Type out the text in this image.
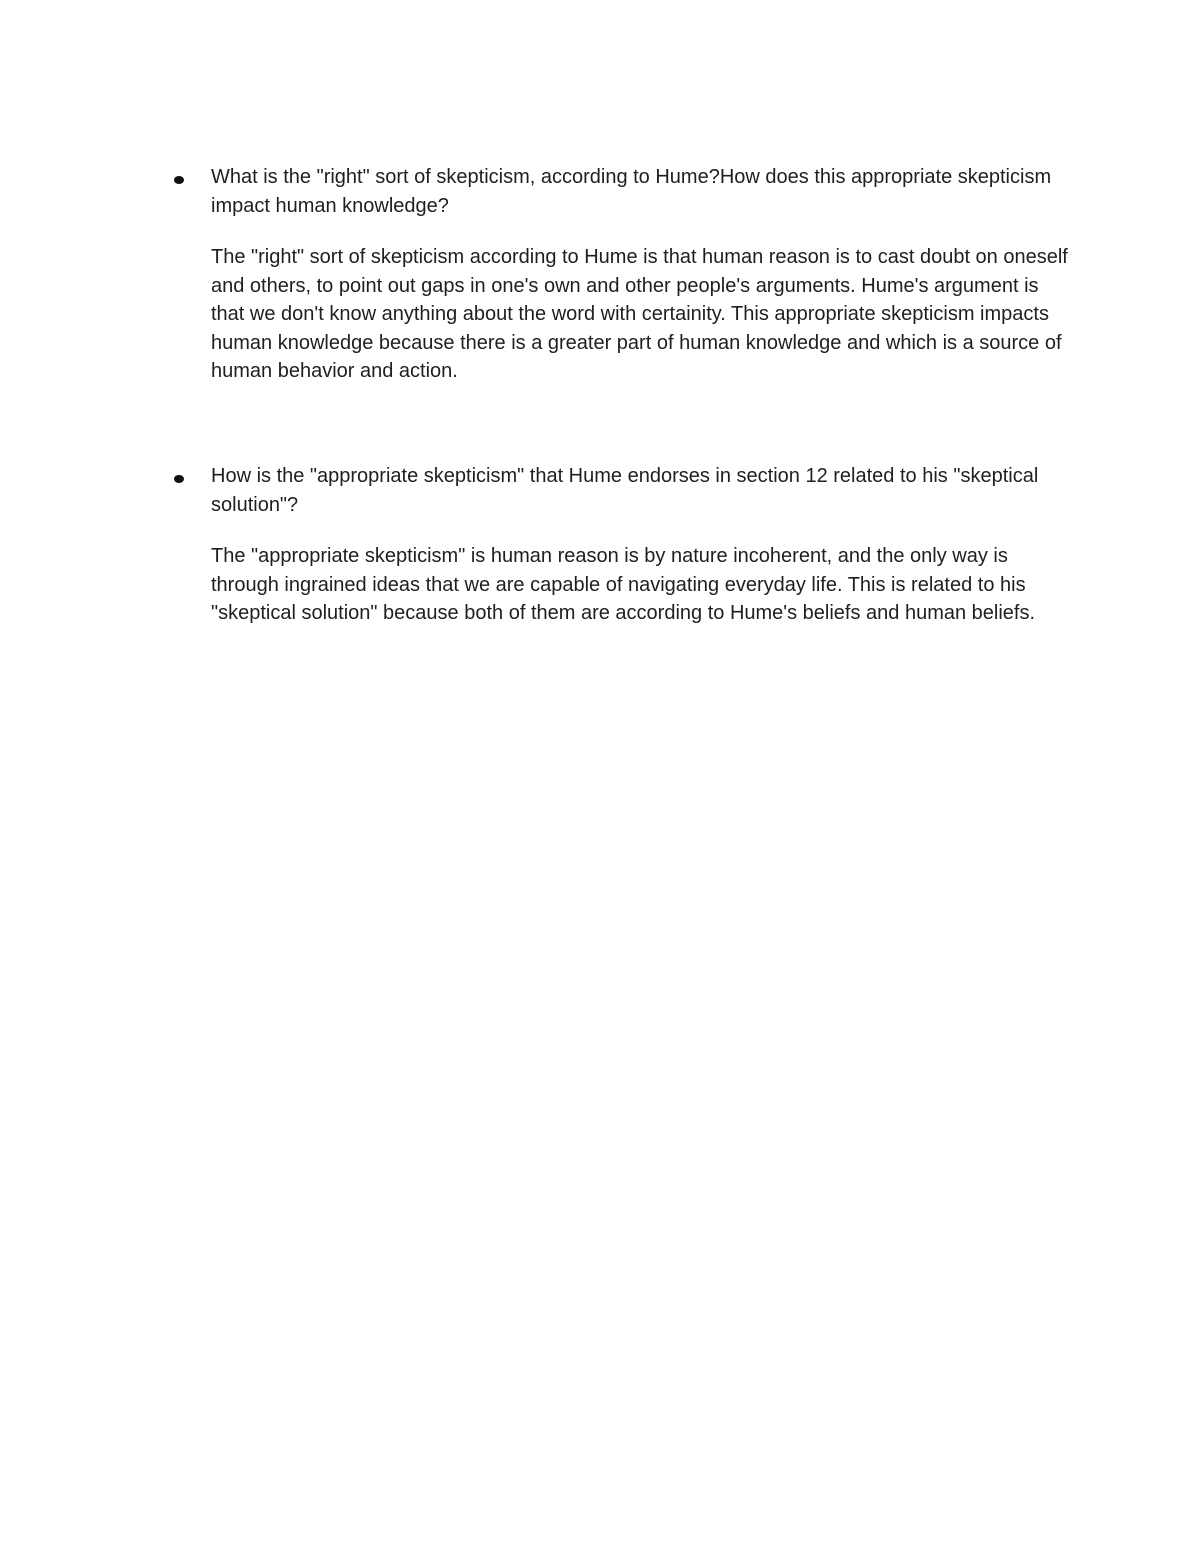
What is the "right" sort of skepticism, according to Hume?How does this appropriate skepticism impact human knowledge?
The "right" sort of skepticism according to Hume is that human reason is to cast doubt on oneself and others, to point out gaps in one's own and other people's arguments. Hume's argument is that we don't know anything about the word with certainity. This appropriate skepticism impacts human knowledge because there is a greater part of human knowledge and which is a source of human behavior and action.
How is the "appropriate skepticism" that Hume endorses in section 12 related to his "skeptical solution"?
The "appropriate skepticism" is human reason is by nature incoherent, and the only way is through ingrained ideas that we are capable of navigating everyday life. This is related to his "skeptical solution" because both of them are according to Hume's beliefs and human beliefs.
